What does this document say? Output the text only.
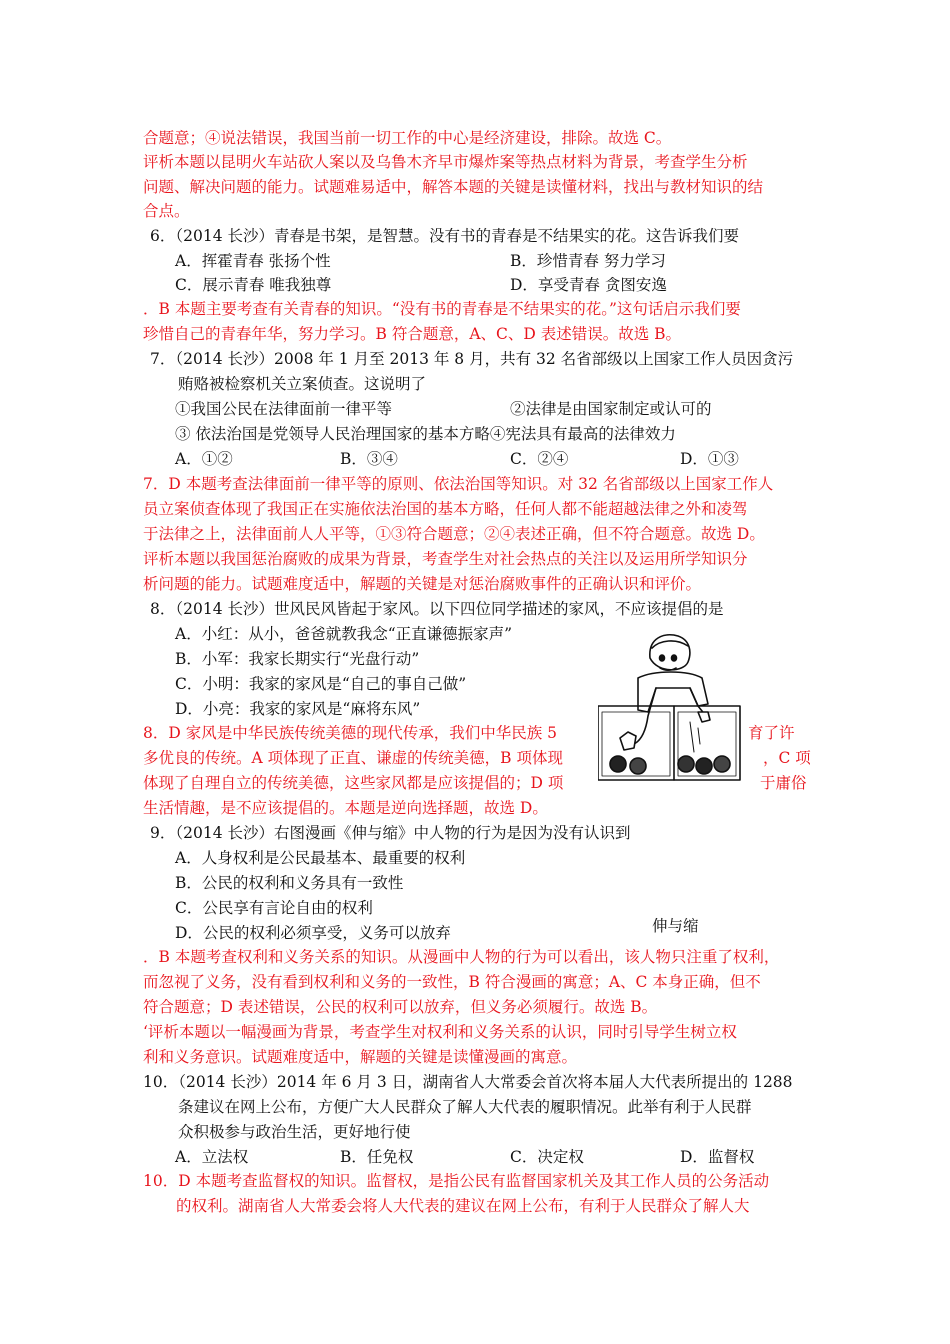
合题意；④说法错误，我国当前一切工作的中心是经济建设，排除。故选 C。
评析本题以昆明火车站砍人案以及乌鲁木齐早市爆炸案等热点材料为背景，考查学生分析
问题、解决问题的能力。试题难易适中，解答本题的关键是读懂材料，找出与教材知识的结
合点。
6．（2014 长沙）青春是书架，是智慧。没有书的青春是不结果实的花。这告诉我们要
A．挥霍青春 张扬个性	B．珍惜青春 努力学习
C．展示青春 唯我独尊	D．享受青春 贪图安逸
．B 本题主要考查有关青春的知识。“没有书的青春是不结果实的花。”这句话启示我们要
珍惜自己的青春年华，努力学习。B 符合题意，A、C、D 表述错误。故选 B。
7．（2014 长沙）2008 年 1 月至 2013 年 8 月，共有 32 名省部级以上国家工作人员因贪污
贿赂被检察机关立案侦查。这说明了
①我国公民在法律面前一律平等	②法律是由国家制定或认可的
③ 依法治国是党领导人民治理国家的基本方略④宪法具有最高的法律效力
A．①②	B．③④	C．②④	D．①③
7．D 本题考查法律面前一律平等的原则、依法治国等知识。对 32 名省部级以上国家工作人
员立案侦查体现了我国正在实施依法治国的基本方略，任何人都不能超越法律之外和凌驾
于法律之上，法律面前人人平等，①③符合题意；②④表述正确，但不符合题意。故选 D。
评析本题以我国惩治腐败的成果为背景，考查学生对社会热点的关注以及运用所学知识分
析问题的能力。试题难度适中，解题的关键是对惩治腐败事件的正确认识和评价。
8．（2014 长沙）世风民风皆起于家风。以下四位同学描述的家风，不应该提倡的是
A．小红：从小，爸爸就教我念“正直谦德振家声”
B．小军：我家长期实行“光盘行动”
C．小明：我家的家风是“自己的事自己做”
D．小亮：我家的家风是“麻将东风”
8．D 家风是中华民族传统美德的现代传承，我们中华民族 5	育了许
多优良的传统。A 项体现了正直、谦虚的传统美德，B 项体现	，C 项
体现了自理自立的传统美德，这些家风都是应该提倡的；D 项	于庸俗
生活情趣，是不应该提倡的。本题是逆向选择题，故选 D。
9．（2014 长沙）右图漫画《伸与缩》中人物的行为是因为没有认识到
A．人身权利是公民最基本、最重要的权利
B．公民的权利和义务具有一致性
C．公民享有言论自由的权利
D．公民的权利必须享受，义务可以放弃
．B 本题考查权利和义务关系的知识。从漫画中人物的行为可以看出，该人物只注重了权利，
而忽视了义务，没有看到权利和义务的一致性，B 符合漫画的寓意；A、C 本身正确，但不
符合题意；D 表述错误，公民的权利可以放弃，但义务必须履行。故选 B。
‘评析本题以一幅漫画为背景，考查学生对权利和义务关系的认识，同时引导学生树立权
利和义务意识。试题难度适中，解题的关键是读懂漫画的寓意。
10．（2014 长沙）2014 年 6 月 3 日，湖南省人大常委会首次将本届人大代表所提出的 1288
条建议在网上公布，方便广大人民群众了解人大代表的履职情况。此举有利于人民群
众积极参与政治生活，更好地行使
A．立法权	B．任免权	C．决定权	D．监督权
10．D 本题考查监督权的知识。监督权，是指公民有监督国家机关及其工作人员的公务活动
的权利。湖南省人大常委会将人大代表的建议在网上公布，有利于人民群众了解人大
伸与缩
